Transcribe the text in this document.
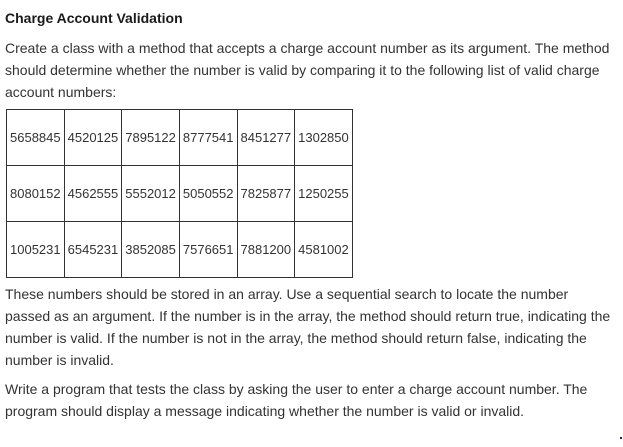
Charge Account Validation

Create a class with a method that accepts a charge account number as its argument. The method should determine whether the number is valid by comparing it to the following list of valid charge account numbers:

5658845	4520125	7895122	8777541	8451277	1302850
8080152	4562555	5552012	5050552	7825877	1250255
1005231	6545231	3852085	7576651	7881200	4581002

These numbers should be stored in an array. Use a sequential search to locate the number passed as an argument. If the number is in the array, the method should return true, indicating the number is valid. If the number is not in the array, the method should return false, indicating the number is invalid.

Write a program that tests the class by asking the user to enter a charge account number. The program should display a message indicating whether the number is valid or invalid.
